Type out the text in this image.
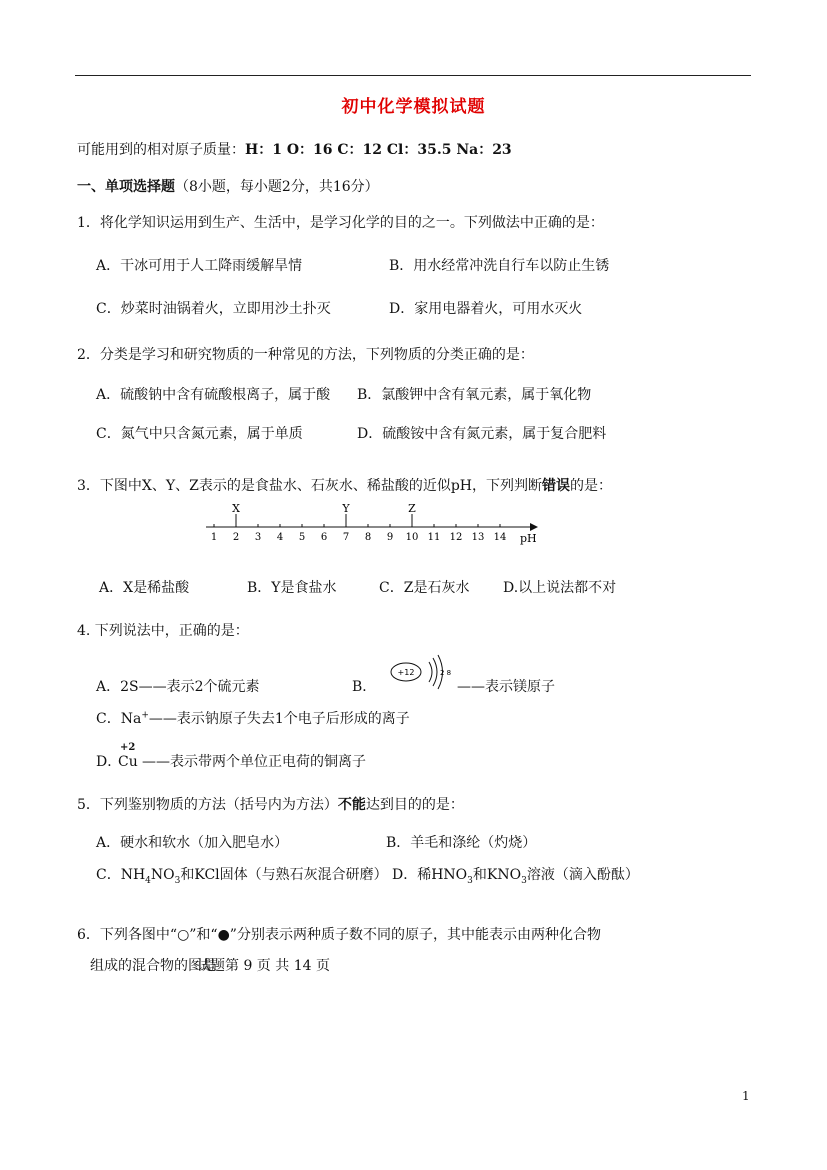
初中化学模拟试题
可能用到的相对原子质量：H：1 O：16 C：12 Cl：35.5 Na：23
一、单项选择题（8小题，每小题2分，共16分）
1．将化学知识运用到生产、生活中，是学习化学的目的之一。下列做法中正确的是：
A．干冰可用于人工降雨缓解旱情	B．用水经常冲洗自行车以防止生锈
C．炒菜时油锅着火，立即用沙土扑灭	D．家用电器着火，可用水灭火
2．分类是学习和研究物质的一种常见的方法，下列物质的分类正确的是：
A．硫酸钠中含有硫酸根离子，属于酸 B．氯酸钾中含有氧元素，属于氧化物
C．氮气中只含氮元素，属于单质	D．硫酸铵中含有氮元素，属于复合肥料
3．下图中X、Y、Z表示的是食盐水、石灰水、稀盐酸的近似pH，下列判断错误的是：
1 2 3 4 5 6 7 8 9 10 11 12 13 14 pH
X	Y	Z
A．X是稀盐酸	B．Y是食盐水	C．Z是石灰水 D.以上说法都不对
4. 下列说法中，正确的是：
A．2S——表示2个硫元素	B．
+12	2 8
——表示镁原子
C．Na+——表示钠原子失去1个电子后形成的离子
D．
+2
Cu ——表示带两个单位正电荷的铜离子
5．下列鉴别物质的方法（括号内为方法）不能达到目的的是：
A．硬水和软水（加入肥皂水）	B．羊毛和涤纶（灼烧）
C．$NH_4NO_3$和KCl固体（与熟石灰混合研磨） D．稀$HNO_3$和$KNO_3$溶液（滴入酚酞）
6．下列各图中“○”和“●”分别表示两种质子数不同的原子，其中能表示由两种化合物
组成的混合物的图是
试题第 9 页 共 14 页
1
